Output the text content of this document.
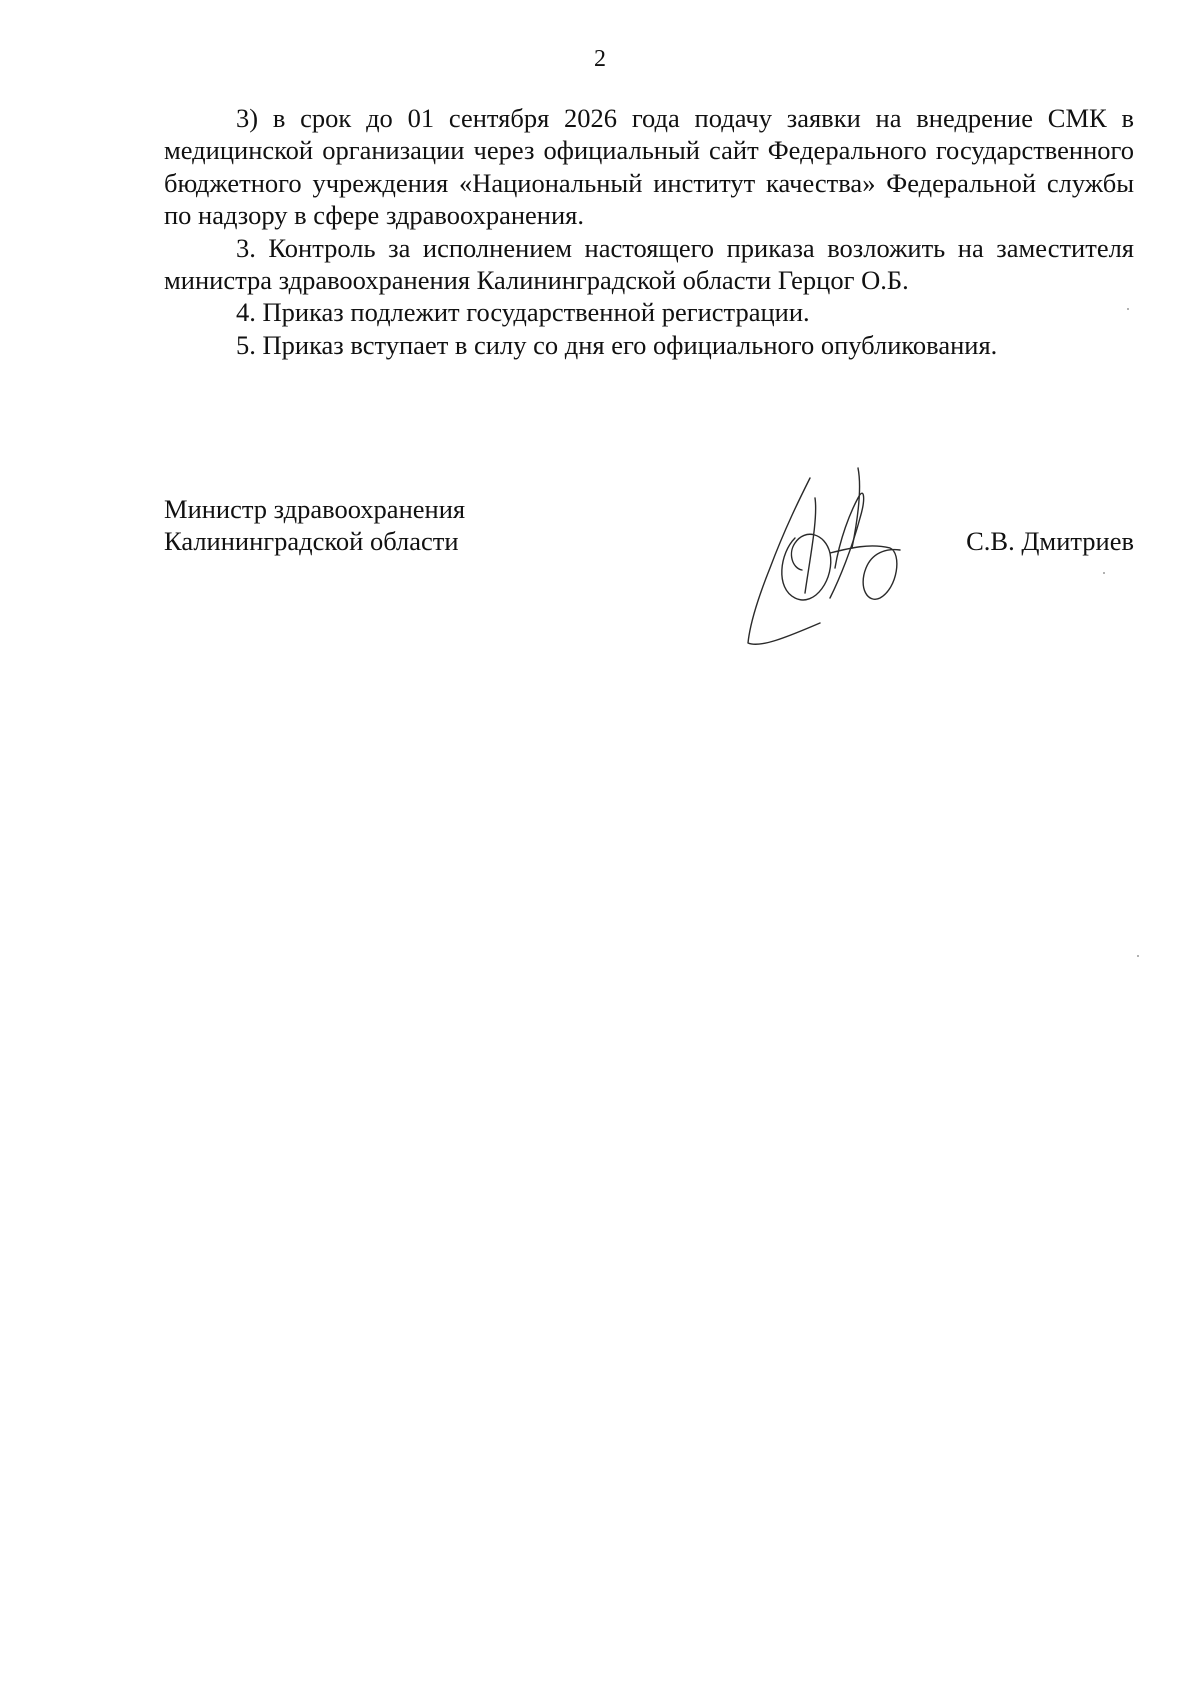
2

3) в срок до 01 сентября 2026 года подачу заявки на внедрение СМК в медицинской организации через официальный сайт Федерального государственного бюджетного учреждения «Национальный институт качества» Федеральной службы по надзору в сфере здравоохранения.

3. Контроль за исполнением настоящего приказа возложить на заместителя министра здравоохранения Калининградской области Герцог О.Б.

4. Приказ подлежит государственной регистрации.

5. Приказ вступает в силу со дня его официального опубликования.

Министр здравоохранения
Калининградской области	С.В. Дмитриев
